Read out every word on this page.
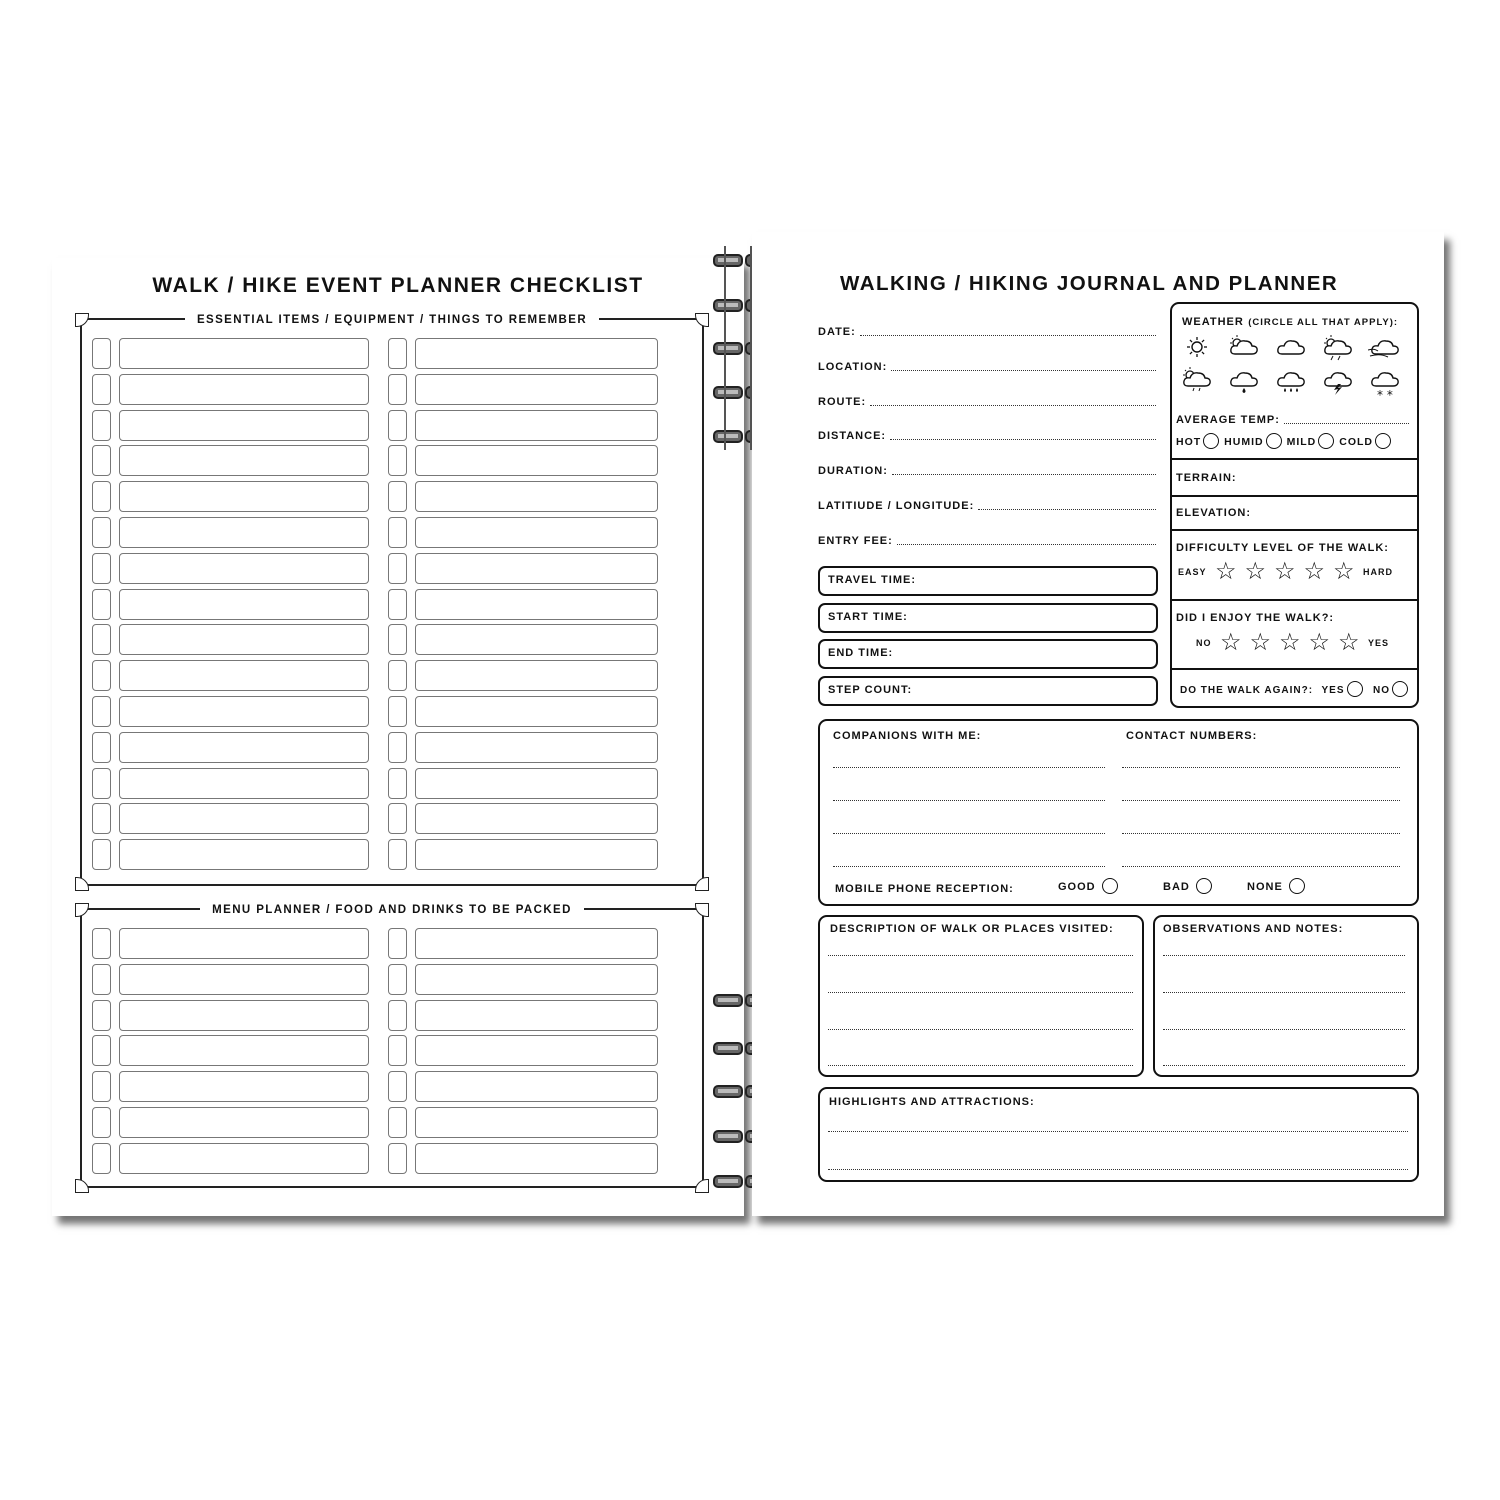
WALK / HIKE EVENT PLANNER CHECKLIST
ESSENTIAL ITEMS / EQUIPMENT / THINGS TO REMEMBER
MENU PLANNER / FOOD AND DRINKS TO BE PACKED
WALKING / HIKING JOURNAL AND PLANNER
DATE:
LOCATION:
ROUTE:
DISTANCE:
DURATION:
LATITIUDE / LONGITUDE:
ENTRY FEE:
TRAVEL TIME:
START TIME:
END TIME:
STEP COUNT:
WEATHER (CIRCLE ALL THAT APPLY):
* *
AVERAGE TEMP:
HOT HUMID MILD COLD
TERRAIN:
ELEVATION:
DIFFICULTY LEVEL OF THE WALK:
EASY ☆ ☆ ☆ ☆ ☆ HARD
DID I ENJOY THE WALK?:
NO ☆ ☆ ☆ ☆ ☆ YES
DO THE WALK AGAIN?: YES	NO
COMPANIONS WITH ME:	CONTACT NUMBERS:
MOBILE PHONE RECEPTION:	GOOD	BAD	NONE
DESCRIPTION OF WALK OR PLACES VISITED:	OBSERVATIONS AND NOTES:
HIGHLIGHTS AND ATTRACTIONS:
